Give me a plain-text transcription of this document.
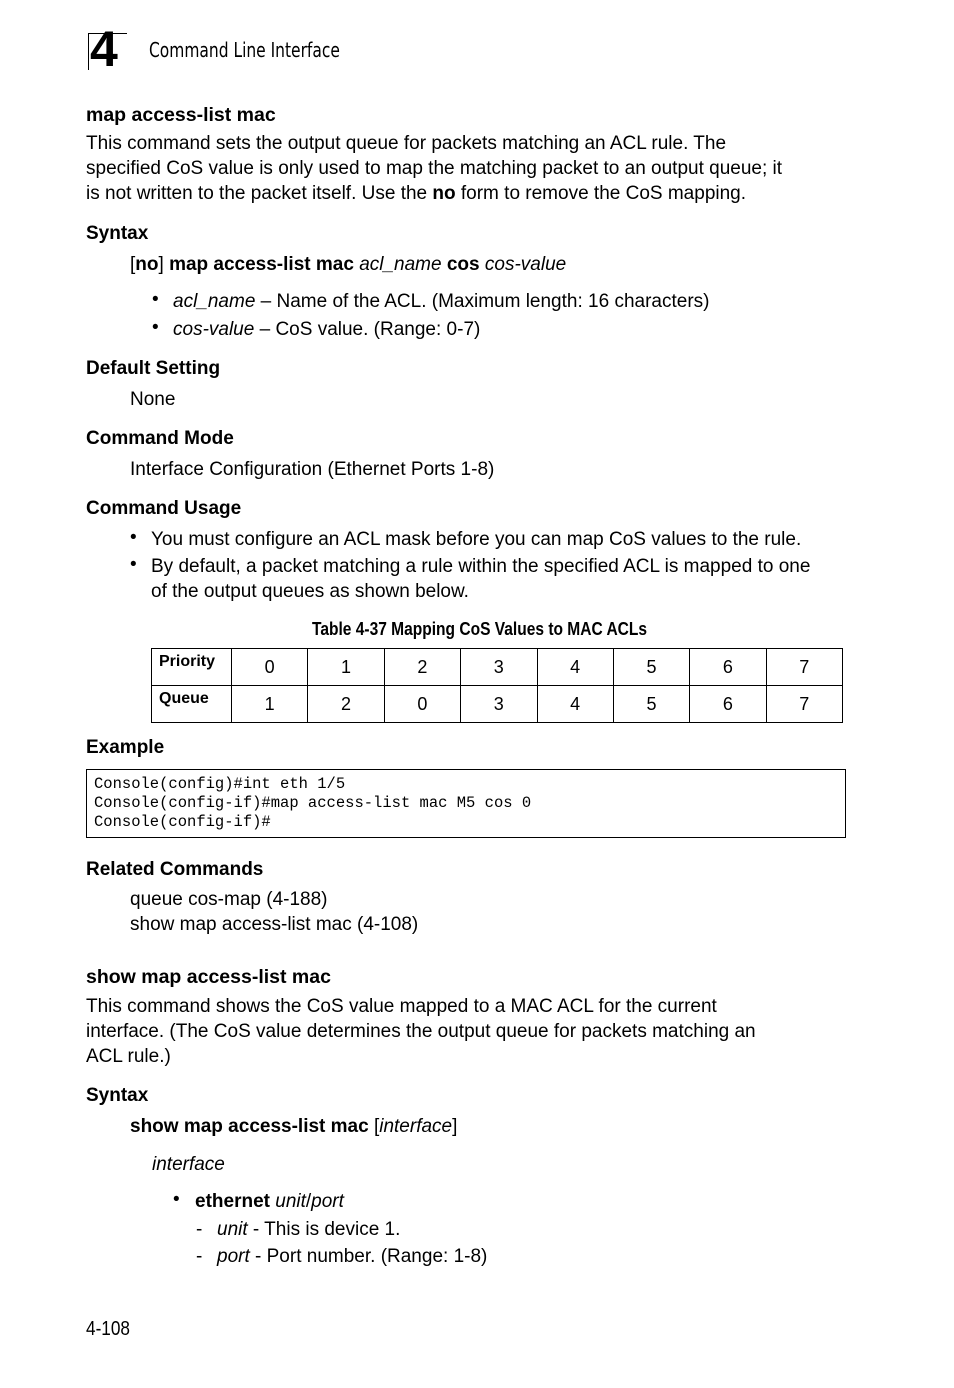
4 Command Line Interface
map access-list mac
This command sets the output queue for packets matching an ACL rule. The
specified CoS value is only used to map the matching packet to an output queue; it
is not written to the packet itself. Use the no form to remove the CoS mapping.
Syntax
[no] map access-list mac acl_name cos cos-value
• acl_name – Name of the ACL. (Maximum length: 16 characters)
• cos-value – CoS value. (Range: 0-7)
Default Setting
None
Command Mode
Interface Configuration (Ethernet Ports 1-8)
Command Usage
• You must configure an ACL mask before you can map CoS values to the rule.
• By default, a packet matching a rule within the specified ACL is mapped to one
of the output queues as shown below.
Table 4-37 Mapping CoS Values to MAC ACLs
Priority	0	1	2	3	4	5	6	7
Queue	1	2	0	3	4	5	6	7
Example
Console(config)#int eth 1/5
Console(config-if)#map access-list mac M5 cos 0
Console(config-if)#
Related Commands
queue cos-map (4-188)
show map access-list mac (4-108)
show map access-list mac
This command shows the CoS value mapped to a MAC ACL for the current
interface. (The CoS value determines the output queue for packets matching an
ACL rule.)
Syntax
show map access-list mac [interface]
interface
• ethernet unit/port
- unit - This is device 1.
- port - Port number. (Range: 1-8)
4-108
